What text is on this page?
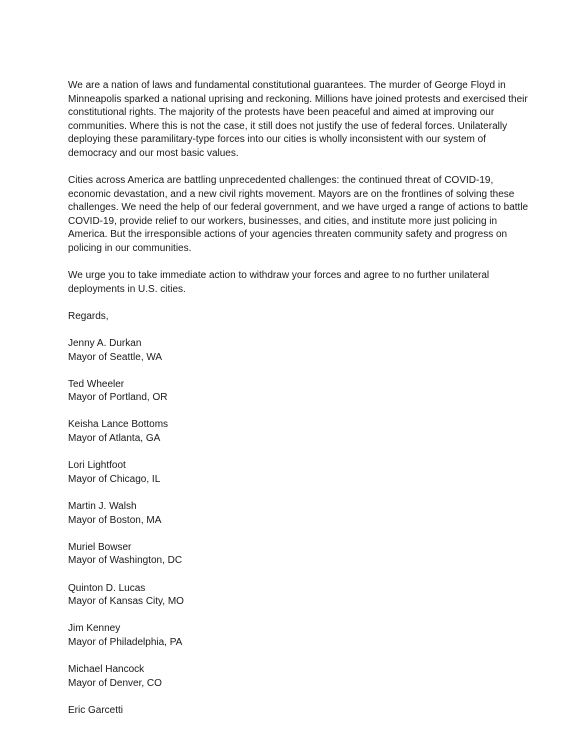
We are a nation of laws and fundamental constitutional guarantees. The murder of George Floyd in Minneapolis sparked a national uprising and reckoning. Millions have joined protests and exercised their constitutional rights. The majority of the protests have been peaceful and aimed at improving our communities. Where this is not the case, it still does not justify the use of federal forces. Unilaterally deploying these paramilitary-type forces into our cities is wholly inconsistent with our system of democracy and our most basic values.

Cities across America are battling unprecedented challenges: the continued threat of COVID-19, economic devastation, and a new civil rights movement. Mayors are on the frontlines of solving these challenges. We need the help of our federal government, and we have urged a range of actions to battle COVID-19, provide relief to our workers, businesses, and cities, and institute more just policing in America. But the irresponsible actions of your agencies threaten community safety and progress on policing in our communities.

We urge you to take immediate action to withdraw your forces and agree to no further unilateral deployments in U.S. cities.

Regards,

Jenny A. Durkan
Mayor of Seattle, WA
Ted Wheeler
Mayor of Portland, OR
Keisha Lance Bottoms
Mayor of Atlanta, GA
Lori Lightfoot
Mayor of Chicago, IL
Martin J. Walsh
Mayor of Boston, MA
Muriel Bowser
Mayor of Washington, DC
Quinton D. Lucas
Mayor of Kansas City, MO
Jim Kenney
Mayor of Philadelphia, PA
Michael Hancock
Mayor of Denver, CO
Eric Garcetti
